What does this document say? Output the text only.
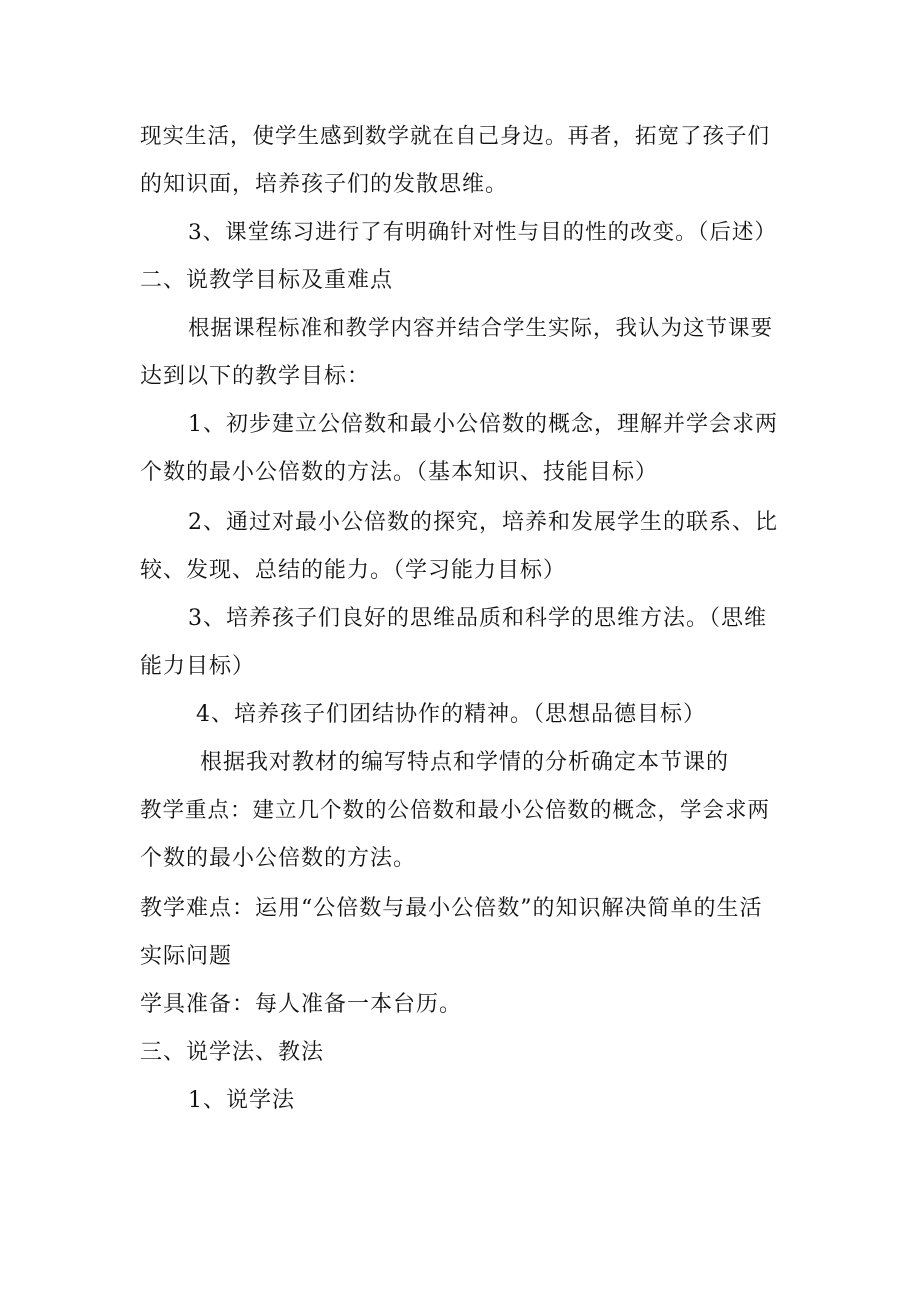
现实生活，使学生感到数学就在自己身边。再者，拓宽了孩子们
的知识面，培养孩子们的发散思维。
3、课堂练习进行了有明确针对性与目的性的改变。（后述）
二、说教学目标及重难点
根据课程标准和教学内容并结合学生实际，我认为这节课要
达到以下的教学目标：
1、初步建立公倍数和最小公倍数的概念，理解并学会求两
个数的最小公倍数的方法。（基本知识、技能目标）
2、通过对最小公倍数的探究，培养和发展学生的联系、比
较、发现、总结的能力。（学习能力目标）
3、培养孩子们良好的思维品质和科学的思维方法。（思维
能力目标）
4、培养孩子们团结协作的精神。（思想品德目标）
根据我对教材的编写特点和学情的分析确定本节课的
教学重点：建立几个数的公倍数和最小公倍数的概念，学会求两
个数的最小公倍数的方法。
教学难点：运用“公倍数与最小公倍数”的知识解决简单的生活
实际问题
学具准备：每人准备一本台历。
三、说学法、教法
1、说学法
